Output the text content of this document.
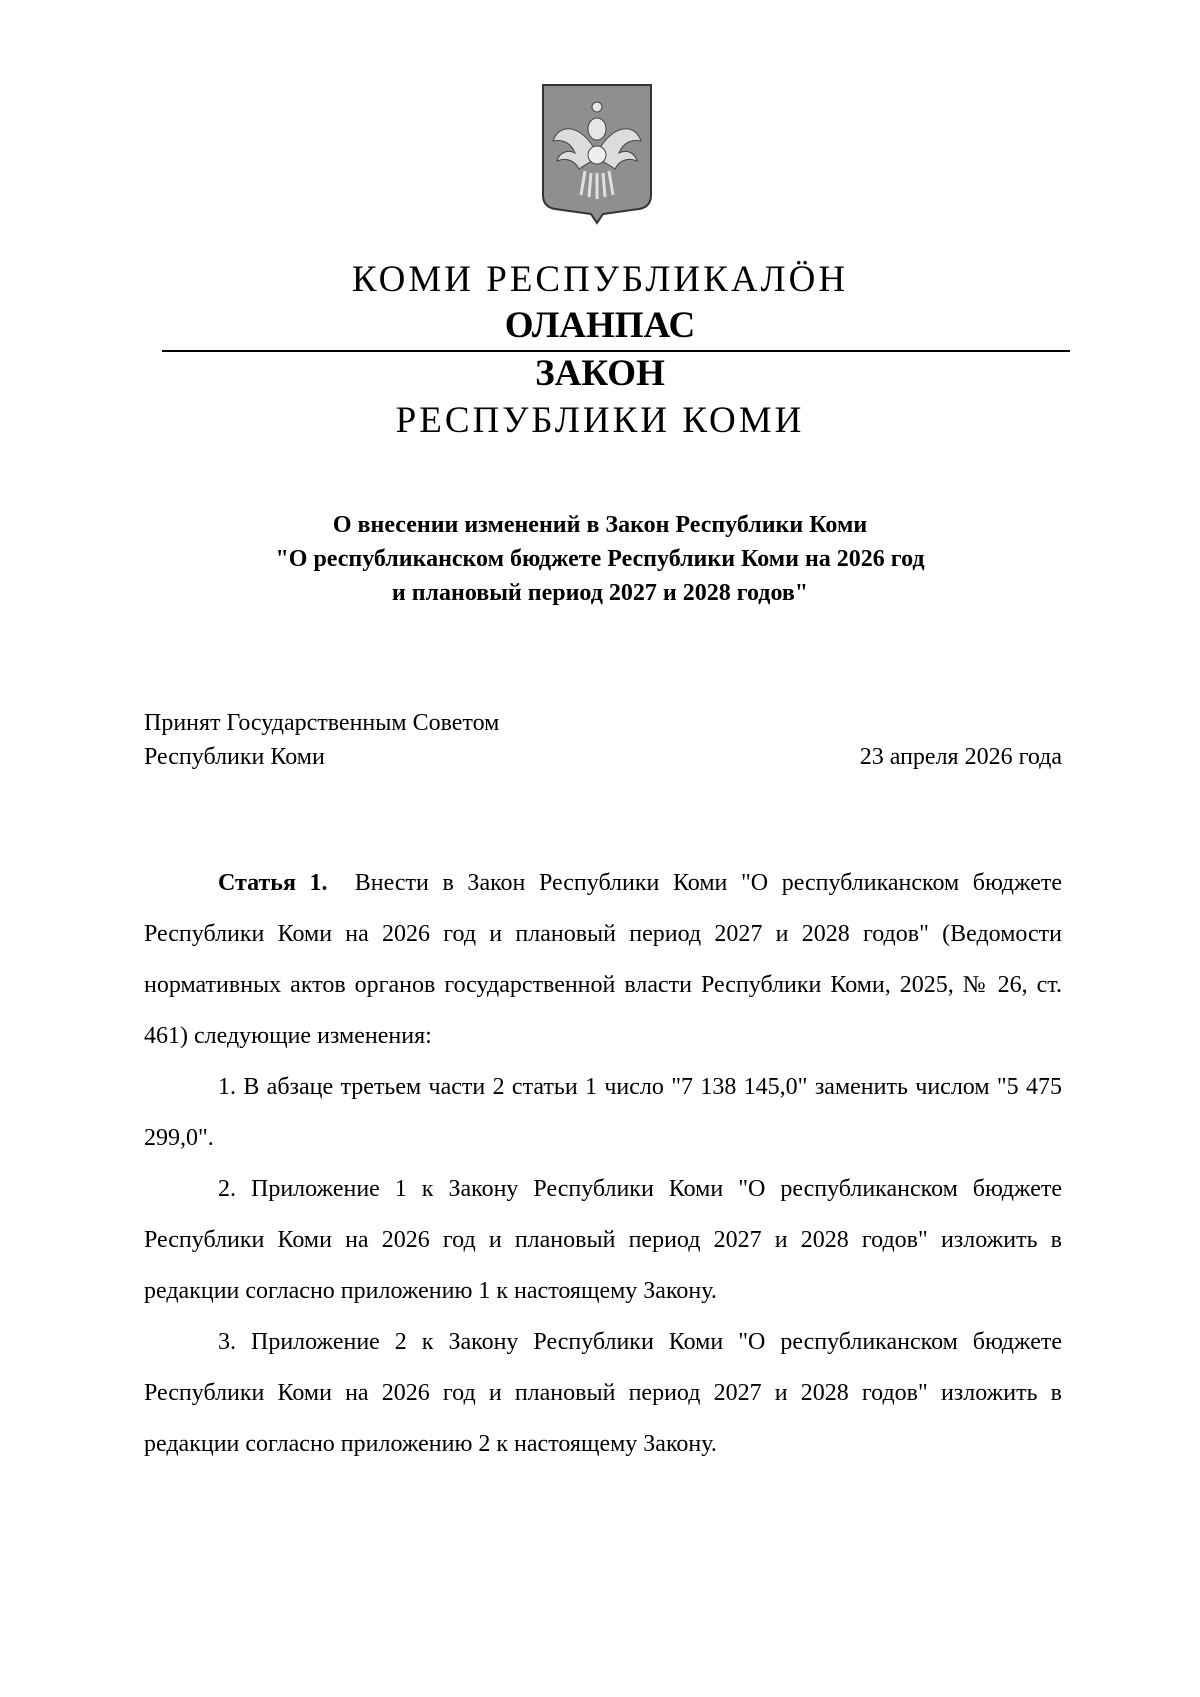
КОМИ РЕСПУБЛИКАЛӦН
ОЛАНПАС
ЗАКОН
РЕСПУБЛИКИ КОМИ
О внесении изменений в Закон Республики Коми
"О республиканском бюджете Республики Коми на 2026 год
и плановый период 2027 и 2028 годов"
Принят Государственным Советом
Республики Коми	23 апреля 2026 года

Статья 1. Внести в Закон Республики Коми "О республиканском бюджете Республики Коми на 2026 год и плановый период 2027 и 2028 годов" (Ведомости нормативных актов органов государственной власти Республики Коми, 2025, № 26, ст. 461) следующие изменения:

1. В абзаце третьем части 2 статьи 1 число "7 138 145,0" заменить числом "5 475 299,0".

2. Приложение 1 к Закону Республики Коми "О республиканском бюджете Республики Коми на 2026 год и плановый период 2027 и 2028 годов" изложить в редакции согласно приложению 1 к настоящему Закону.

3. Приложение 2 к Закону Республики Коми "О республиканском бюджете Республики Коми на 2026 год и плановый период 2027 и 2028 годов" изложить в редакции согласно приложению 2 к настоящему Закону.
